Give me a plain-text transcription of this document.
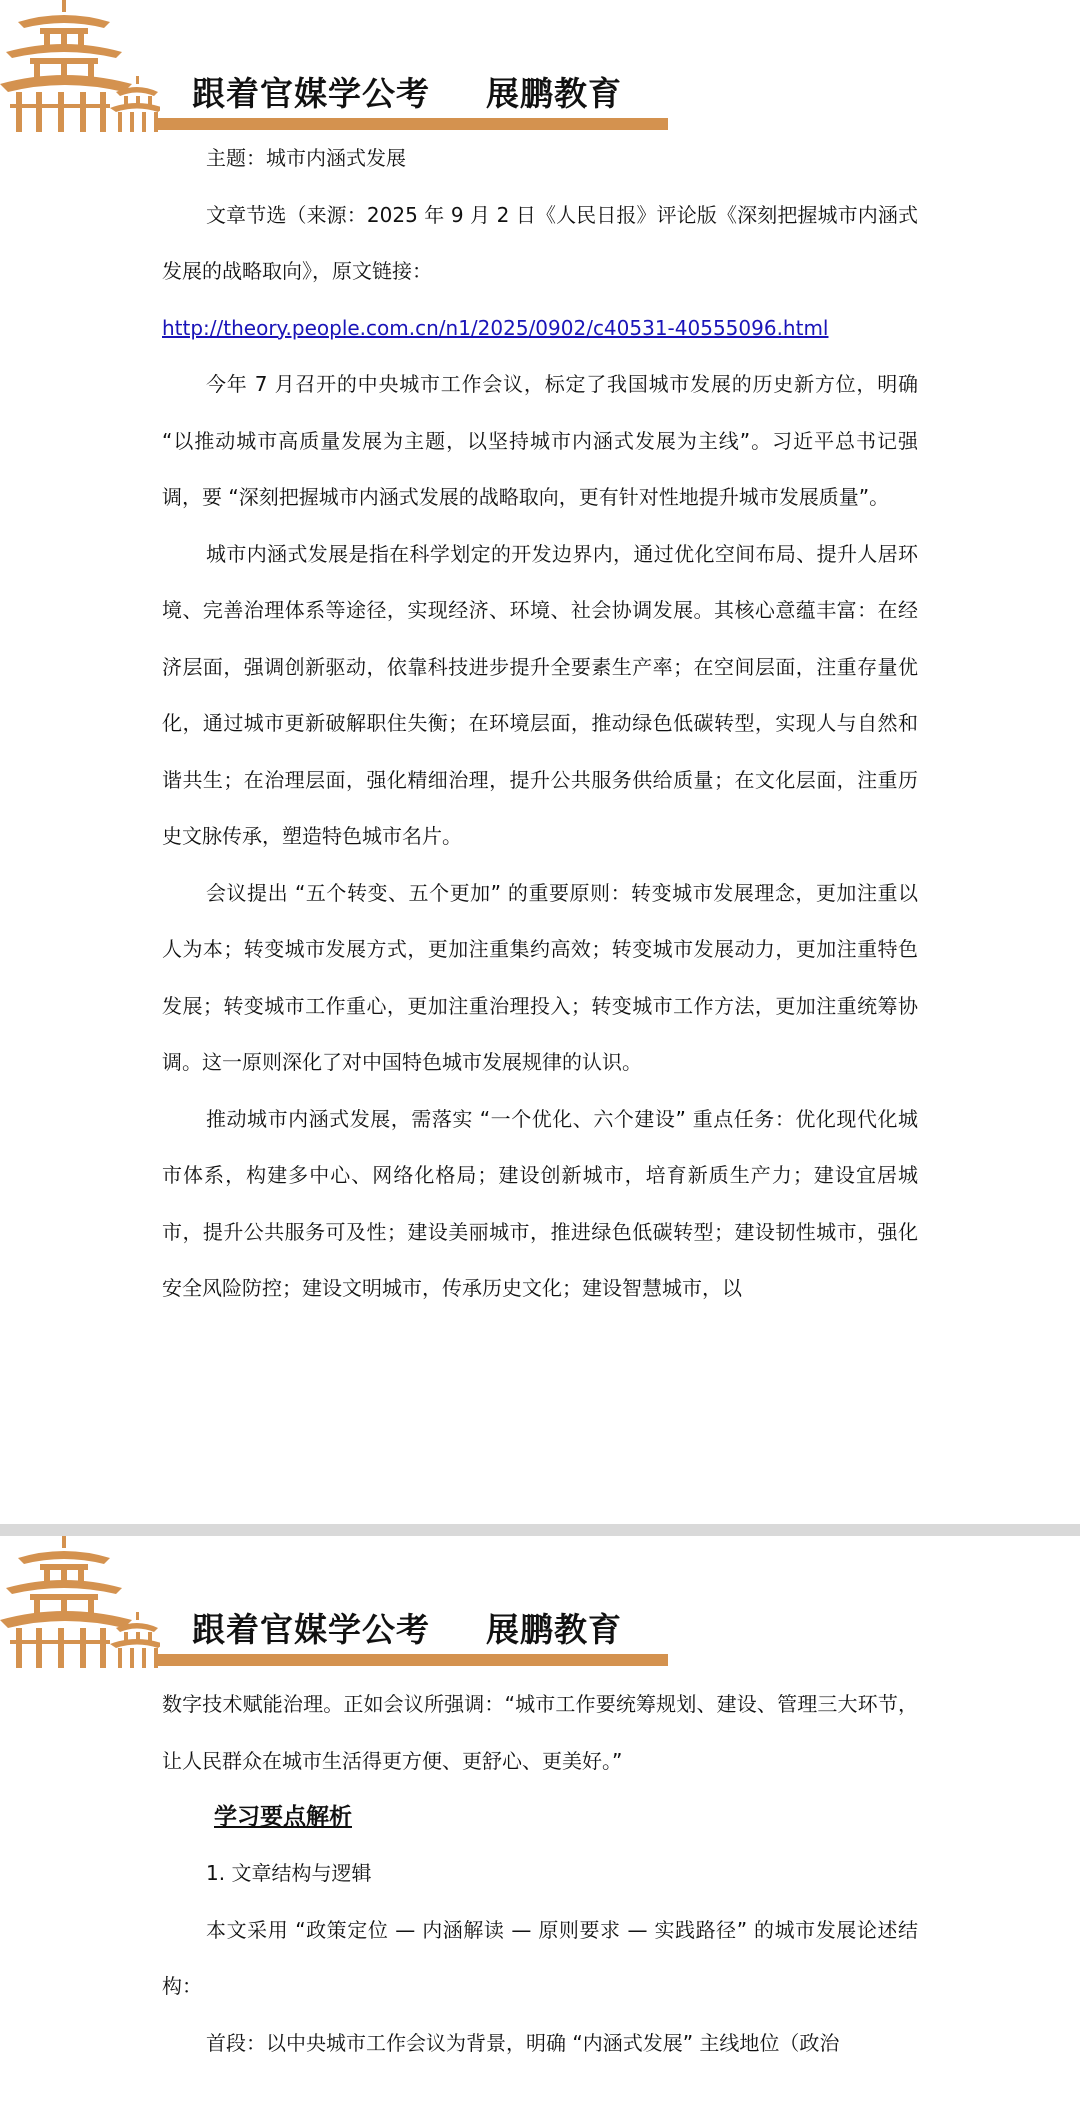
跟着官媒学公考 展鹏教育

主题：城市内涵式发展

文章节选（来源：2025 年 9 月 2 日《人民日报》评论版《深刻把握城市内涵式发展的战略取向》，原文链接：

http://theory.people.com.cn/n1/2025/0902/c40531-40555096.html

今年 7 月召开的中央城市工作会议，标定了我国城市发展的历史新方位，明确 “以推动城市高质量发展为主题，以坚持城市内涵式发展为主线”。习近平总书记强调，要 “深刻把握城市内涵式发展的战略取向，更有针对性地提升城市发展质量”。

城市内涵式发展是指在科学划定的开发边界内，通过优化空间布局、提升人居环境、完善治理体系等途径，实现经济、环境、社会协调发展。其核心意蕴丰富：在经济层面，强调创新驱动，依靠科技进步提升全要素生产率；在空间层面，注重存量优化，通过城市更新破解职住失衡；在环境层面，推动绿色低碳转型，实现人与自然和谐共生；在治理层面，强化精细治理，提升公共服务供给质量；在文化层面，注重历史文脉传承，塑造特色城市名片。

会议提出 “五个转变、五个更加” 的重要原则：转变城市发展理念，更加注重以人为本；转变城市发展方式，更加注重集约高效；转变城市发展动力，更加注重特色发展；转变城市工作重心，更加注重治理投入；转变城市工作方法，更加注重统筹协调。这一原则深化了对中国特色城市发展规律的认识。

推动城市内涵式发展，需落实 “一个优化、六个建设” 重点任务：优化现代化城市体系，构建多中心、网络化格局；建设创新城市，培育新质生产力；建设宜居城市，提升公共服务可及性；建设美丽城市，推进绿色低碳转型；建设韧性城市，强化安全风险防控；建设文明城市，传承历史文化；建设智慧城市，以

跟着官媒学公考 展鹏教育

数字技术赋能治理。正如会议所强调：“城市工作要统筹规划、建设、管理三大环节，让人民群众在城市生活得更方便、更舒心、更美好。”

学习要点解析

1. 文章结构与逻辑

本文采用 “政策定位 — 内涵解读 — 原则要求 — 实践路径” 的城市发展论述结构：

首段：以中央城市工作会议为背景，明确 “内涵式发展” 主线地位（政治
